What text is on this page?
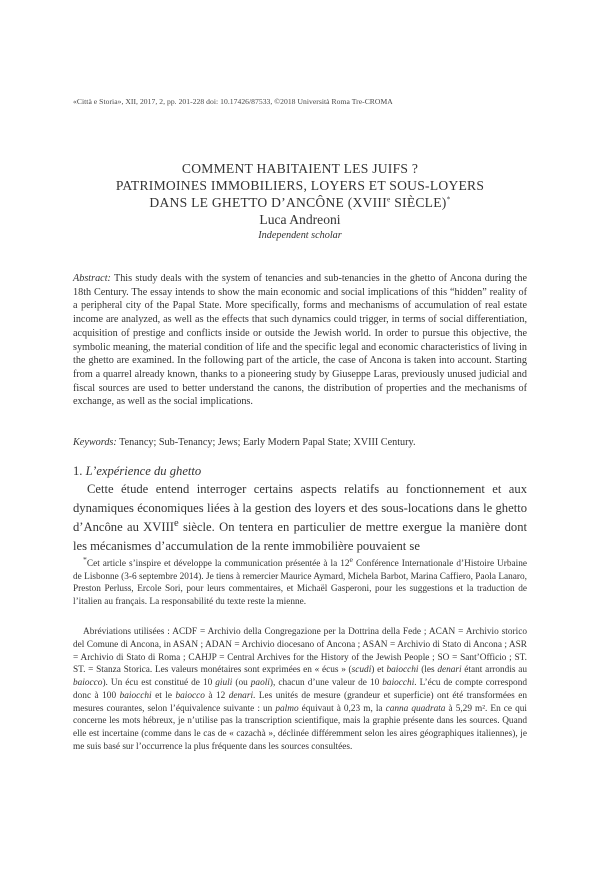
«Città e Storia», XII, 2017, 2, pp. 201-228 doi: 10.17426/87533, ©2018 Università Roma Tre-CROMA
COMMENT HABITAIENT LES JUIFS ?
PATRIMOINES IMMOBILIERS, LOYERS ET SOUS-LOYERS
DANS LE GHETTO D’ANCÔNE (XVIIIe SIÈCLE)*
Luca Andreoni
Independent scholar
Abstract: This study deals with the system of tenancies and sub-tenancies in the ghetto of Ancona during the 18th Century. The essay intends to show the main economic and social implications of this “hidden” reality of a peripheral city of the Papal State. More specifically, forms and mechanisms of accumulation of real estate income are analyzed, as well as the effects that such dynamics could trigger, in terms of social differentiation, acquisition of prestige and conflicts inside or outside the Jewish world. In order to pursue this objective, the symbolic meaning, the material condition of life and the specific legal and economic characteristics of living in the ghetto are examined. In the following part of the article, the case of Ancona is taken into account. Starting from a quarrel already known, thanks to a pioneering study by Giuseppe Laras, previously unused judicial and fiscal sources are used to better understand the canons, the distribution of properties and the mechanisms of exchange, as well as the social implications.
Keywords: Tenancy; Sub-Tenancy; Jews; Early Modern Papal State; XVIII Century.
1. L’expérience du ghetto

Cette étude entend interroger certains aspects relatifs au fonctionnement et aux dynamiques économiques liées à la gestion des loyers et des sous-locations dans le ghetto d’Ancône au XVIIIe siècle. On tentera en particulier de mettre exergue la manière dont les mécanismes d’accumulation de la rente immobilière pouvaient se

*Cet article s’inspire et développe la communication présentée à la 12e Conférence Internationale d’Histoire Urbaine de Lisbonne (3-6 septembre 2014). Je tiens à remercier Maurice Aymard, Michela Barbot, Marina Caffiero, Paola Lanaro, Preston Perluss, Ercole Sori, pour leurs commentaires, et Michaël Gasperoni, pour les suggestions et la traduction de l’italien au français. La responsabilité du texte reste la mienne.

Abréviations utilisées : ACDF = Archivio della Congregazione per la Dottrina della Fede ; ACAN = Archivio storico del Comune di Ancona, in ASAN ; ADAN = Archivio diocesano of Ancona ; ASAN = Archivio di Stato di Ancona ; ASR = Archivio di Stato di Roma ; CAHJP = Central Archives for the History of the Jewish People ; SO = Sant’Officio ; ST. ST. = Stanza Storica. Les valeurs monétaires sont exprimées en « écus » (scudi) et baiocchi (les denari étant arrondis au baiocco). Un écu est constitué de 10 giuli (ou paoli), chacun d’une valeur de 10 baiocchi. L’écu de compte correspond donc à 100 baiocchi et le baiocco à 12 denari. Les unités de mesure (grandeur et superficie) ont été transformées en mesures courantes, selon l’équivalence suivante : un palmo équivaut à 0,23 m, la canna quadrata à 5,29 m². En ce qui concerne les mots hébreux, je n’utilise pas la transcription scientifique, mais la graphie présente dans les sources. Quand elle est incertaine (comme dans le cas de « cazachà », déclinée différemment selon les aires géographiques italiennes), je me suis basé sur l’occurrence la plus fréquente dans les sources consultées.
